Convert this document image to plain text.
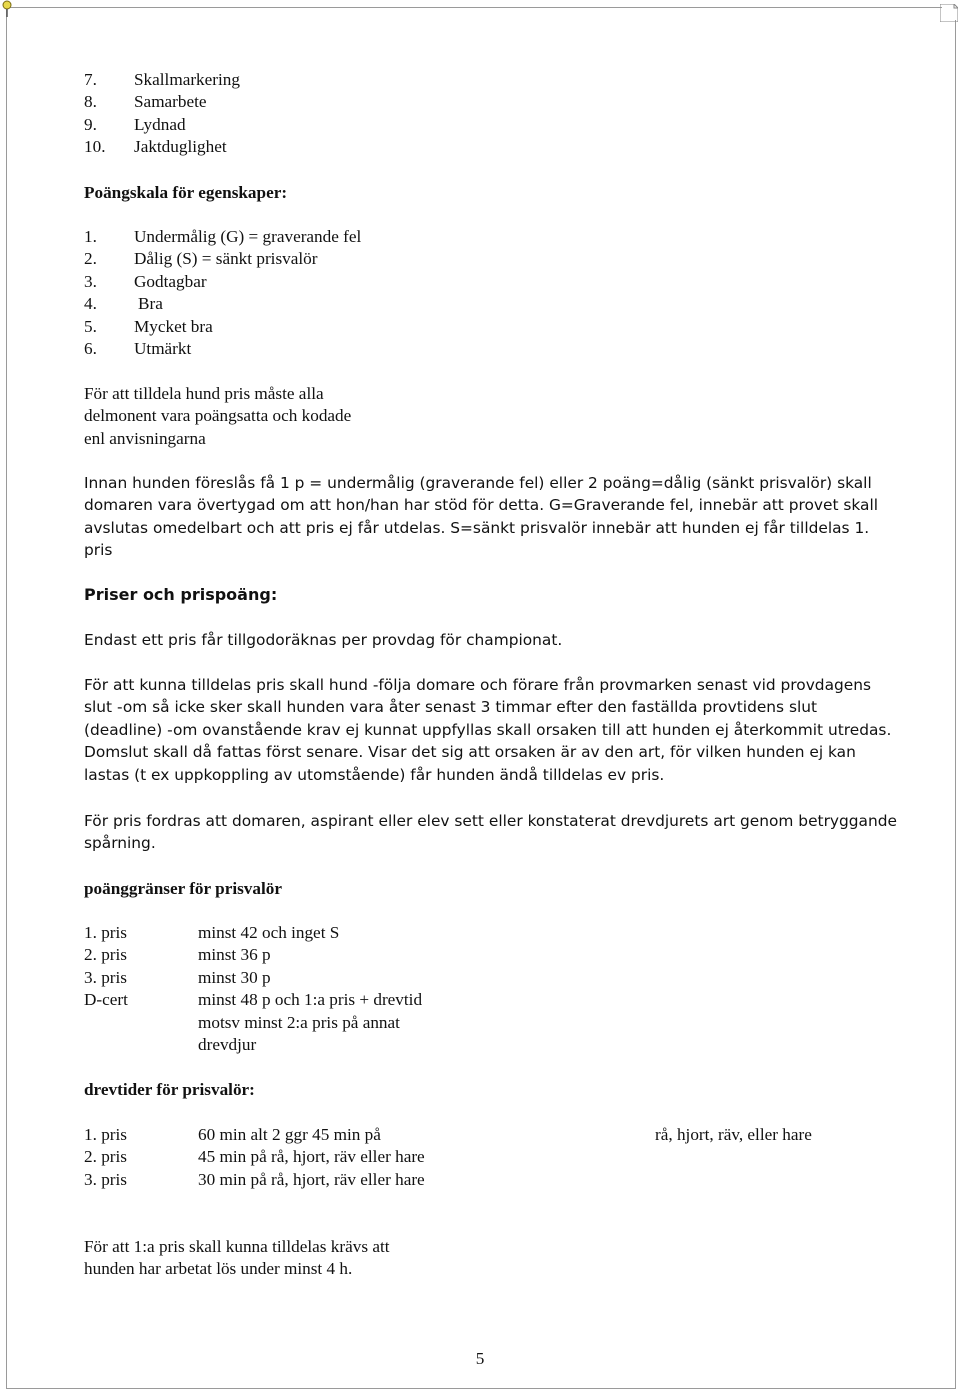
7. Skallmarkering
8. Samarbete
9. Lydnad
10. Jaktduglighet
Poängskala för egenskaper:
1. Undermålig (G) = graverande fel
2. Dålig (S) = sänkt prisvalör
3. Godtagbar
4. Bra
5. Mycket bra
6. Utmärkt
För att tilldela hund pris måste alla
delmonent vara poängsatta och kodade
enl anvisningarna
Innan hunden föreslås få 1 p = undermålig (graverande fel) eller 2 poäng=dålig (sänkt prisvalör) skall
domaren vara övertygad om att hon/han har stöd för detta. G=Graverande fel, innebär att provet skall
avslutas omedelbart och att pris ej får utdelas. S=sänkt prisvalör innebär att hunden ej får tilldelas 1.
pris
Priser och prispoäng:
Endast ett pris får tillgodoräknas per provdag för championat.
För att kunna tilldelas pris skall hund -följa domare och förare från provmarken senast vid provdagens
slut -om så icke sker skall hunden vara åter senast 3 timmar efter den faställda provtidens slut
(deadline) -om ovanstående krav ej kunnat uppfyllas skall orsaken till att hunden ej återkommit utredas.
Domslut skall då fattas först senare. Visar det sig att orsaken är av den art, för vilken hunden ej kan
lastas (t ex uppkoppling av utomstående) får hunden ändå tilldelas ev pris.
För pris fordras att domaren, aspirant eller elev sett eller konstaterat drevdjurets art genom betryggande
spårning.
poänggränser för prisvalör
1. pris	minst 42 och inget S
2. pris	minst 36 p
3. pris	minst 30 p
D-cert	minst 48 p och 1:a pris + drevtid
motsv minst 2:a pris på annat
drevdjur
drevtider för prisvalör:
1. pris	60 min alt 2 ggr 45 min på	rå, hjort, räv, eller hare
2. pris	45 min på rå, hjort, räv eller hare
3. pris	30 min på rå, hjort, räv eller hare
För att 1:a pris skall kunna tilldelas krävs att
hunden har arbetat lös under minst 4 h.
5
